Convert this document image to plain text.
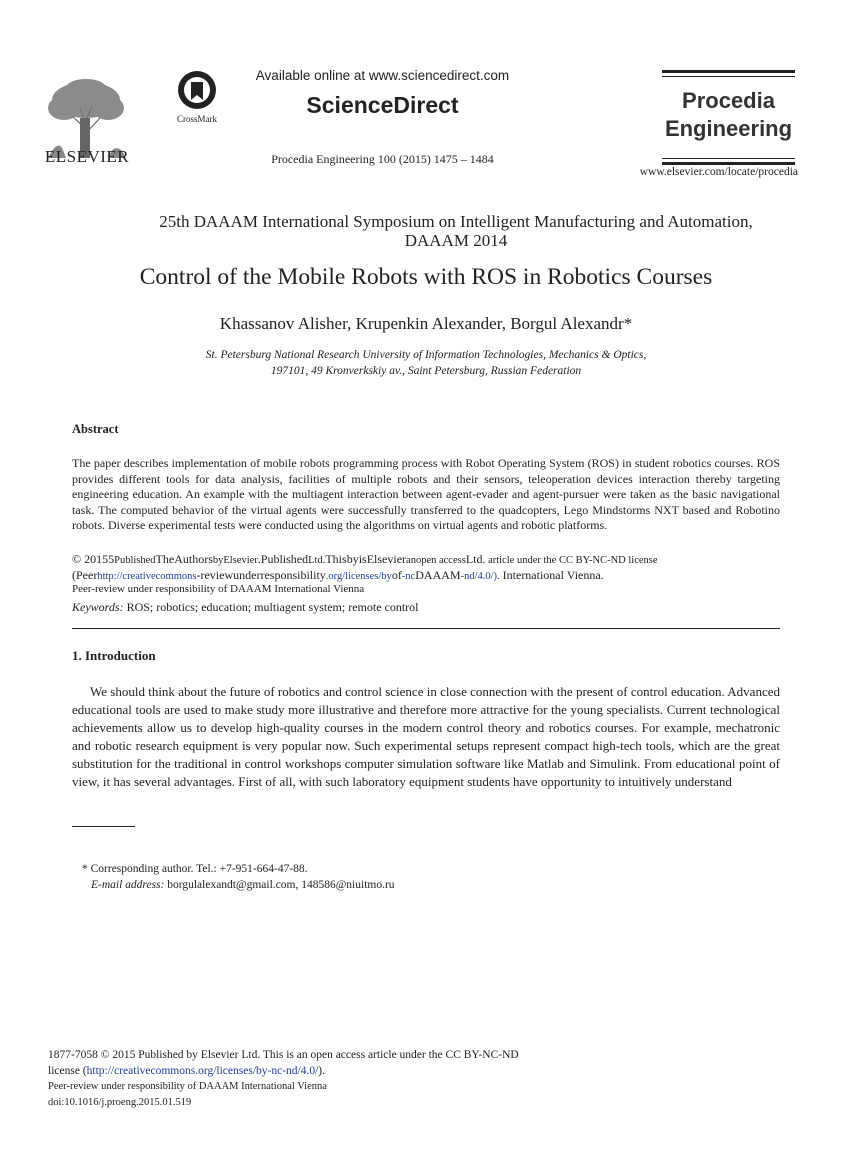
ELSEVIER
CrossMark
Available online at www.sciencedirect.com
ScienceDirect
Procedia Engineering 100 (2015) 1475 – 1484
Procedia
Engineering
www.elsevier.com/locate/procedia
25th DAAAM International Symposium on Intelligent Manufacturing and Automation,
DAAAM 2014
Control of the Mobile Robots with ROS in Robotics Courses
Khassanov Alisher, Krupenkin Alexander, Borgul Alexandr*
St. Petersburg National Research University of Information Technologies, Mechanics & Optics,
197101, 49 Kronverkskiy av., Saint Petersburg, Russian Federation
Abstract
The paper describes implementation of mobile robots programming process with Robot Operating System (ROS) in student robotics courses. ROS provides different tools for data analysis, facilities of multiple robots and their sensors, teleoperation devices interaction thereby targeting engineering education. An example with the multiagent interaction between agent-evader and agent-pursuer were taken as the basic navigational task. The computed behavior of the virtual agents were successfully transferred to the quadcopters, Lego Mindstorms NXT based and Robotino robots. Diverse experimental tests were conducted using the algorithms on virtual agents and robotic platforms.
© 20155PublishedTheAuthorsbyElsevier.PublishedLtd.ThisbyisElsevieranopen accessLtd. article under the CC BY-NC-ND license
(Peerhttp://creativecommons-reviewunderresponsibility.org/licenses/byof-ncDAAAM-nd/4.0/). International Vienna.
Peer-review under responsibility of DAAAM International Vienna
Keywords: ROS; robotics; education; multiagent system; remote control
1. Introduction
We should think about the future of robotics and control science in close connection with the present of control education. Advanced educational tools are used to make study more illustrative and therefore more attractive for the young specialists. Current technological achievements allow us to develop high-quality courses in the modern control theory and robotics courses. For example, mechatronic and robotic research equipment is very popular now. Such experimental setups represent compact high-tech tools, which are the great substitution for the traditional in control workshops computer simulation software like Matlab and Simulink. From educational point of view, it has several advantages. First of all, with such laboratory equipment students have opportunity to intuitively understand
* Corresponding author. Tel.: +7-951-664-47-88.
E-mail address: borgulalexandt@gmail.com, 148586@niuitmo.ru
1877-7058 © 2015 Published by Elsevier Ltd. This is an open access article under the CC BY-NC-ND
license (http://creativecommons.org/licenses/by-nc-nd/4.0/).
Peer-review under responsibility of DAAAM International Vienna
doi:10.1016/j.proeng.2015.01.519
